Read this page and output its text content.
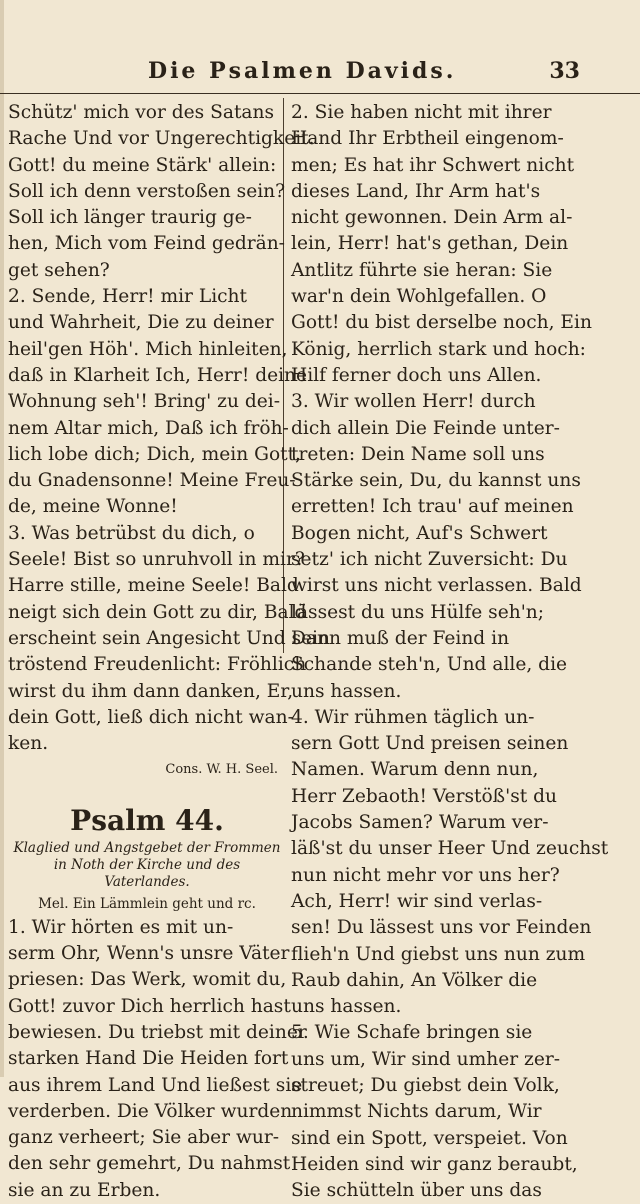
Die Psalmen Davids.	33
Schütz' mich vor des Satans
Rache Und vor Ungerechtigkeit.
Gott! du meine Stärk' allein:
Soll ich denn verstoßen sein?
Soll ich länger traurig ge-
hen, Mich vom Feind gedrän-
get sehen?
2. Sende, Herr! mir Licht
und Wahrheit, Die zu deiner
heil'gen Höh'. Mich hinleiten,
daß in Klarheit Ich, Herr! deine
Wohnung seh'! Bring' zu dei-
nem Altar mich, Daß ich fröh-
lich lobe dich; Dich, mein Gott,
du Gnadensonne! Meine Freu-
de, meine Wonne!
3. Was betrübst du dich, o
Seele! Bist so unruhvoll in mir?
Harre stille, meine Seele! Bald
neigt sich dein Gott zu dir, Bald
erscheint sein Angesicht Und sein
tröstend Freudenlicht: Fröhlich
wirst du ihm dann danken, Er,
dein Gott, ließ dich nicht wan-
ken.
Cons. W. H. Seel.
Psalm 44.
Klaglied und Angstgebet der Frommen
in Noth der Kirche und des
Vaterlandes.
Mel. Ein Lämmlein geht und rc.
1. Wir hörten es mit un-
serm Ohr, Wenn's unsre Väter
priesen: Das Werk, womit du,
Gott! zuvor Dich herrlich hast
bewiesen. Du triebst mit deiner
starken Hand Die Heiden fort
aus ihrem Land Und ließest sie
verderben. Die Völker wurden
ganz verheert; Sie aber wur-
den sehr gemehrt, Du nahmst
sie an zu Erben.
2. Sie haben nicht mit ihrer
Hand Ihr Erbtheil eingenom-
men; Es hat ihr Schwert nicht
dieses Land, Ihr Arm hat's
nicht gewonnen. Dein Arm al-
lein, Herr! hat's gethan, Dein
Antlitz führte sie heran: Sie
war'n dein Wohlgefallen. O
Gott! du bist derselbe noch, Ein
König, herrlich stark und hoch:
Hilf ferner doch uns Allen.
3. Wir wollen Herr! durch
dich allein Die Feinde unter-
treten: Dein Name soll uns
Stärke sein, Du, du kannst uns
erretten! Ich trau' auf meinen
Bogen nicht, Auf's Schwert
setz' ich nicht Zuversicht: Du
wirst uns nicht verlassen. Bald
lässest du uns Hülfe seh'n;
Dann muß der Feind in
Schande steh'n, Und alle, die
uns hassen.
4. Wir rühmen täglich un-
sern Gott Und preisen seinen
Namen. Warum denn nun,
Herr Zebaoth! Verstöß'st du
Jacobs Samen? Warum ver-
läß'st du unser Heer Und zeuchst
nun nicht mehr vor uns her?
Ach, Herr! wir sind verlas-
sen! Du lässest uns vor Feinden
flieh'n Und giebst uns nun zum
Raub dahin, An Völker die
uns hassen.
5. Wie Schafe bringen sie
uns um, Wir sind umher zer-
streuet; Du giebst dein Volk,
nimmst Nichts darum, Wir
sind ein Spott, verspeiet. Von
Heiden sind wir ganz beraubt,
Sie schütteln über uns das
